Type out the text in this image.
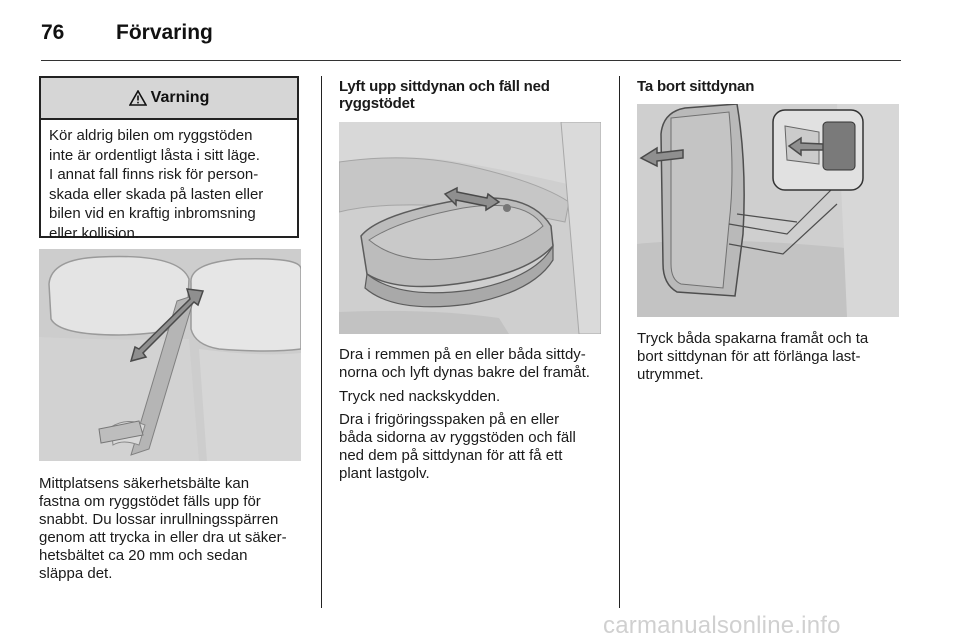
76 Förvaring
Varning
Kör aldrig bilen om ryggstöden
inte är ordentligt låsta i sitt läge.
I annat fall finns risk för person-
skada eller skada på lasten eller
bilen vid en kraftig inbromsning
eller kollision.
Mittplatsens säkerhetsbälte kan
fastna om ryggstödet fälls upp för
snabbt. Du lossar inrullningsspärren
genom att trycka in eller dra ut säker-
hetsbältet ca 20 mm och sedan
släppa det.
Lyft upp sittdynan och fäll ned
ryggstödet
Dra i remmen på en eller båda sittdy-
norna och lyft dynas bakre del framåt.
Tryck ned nackskydden.
Dra i frigöringsspaken på en eller
båda sidorna av ryggstöden och fäll
ned dem på sittdynan för att få ett
plant lastgolv.
Ta bort sittdynan
Tryck båda spakarna framåt och ta
bort sittdynan för att förlänga last-
utrymmet.
carmanualsonline.info
